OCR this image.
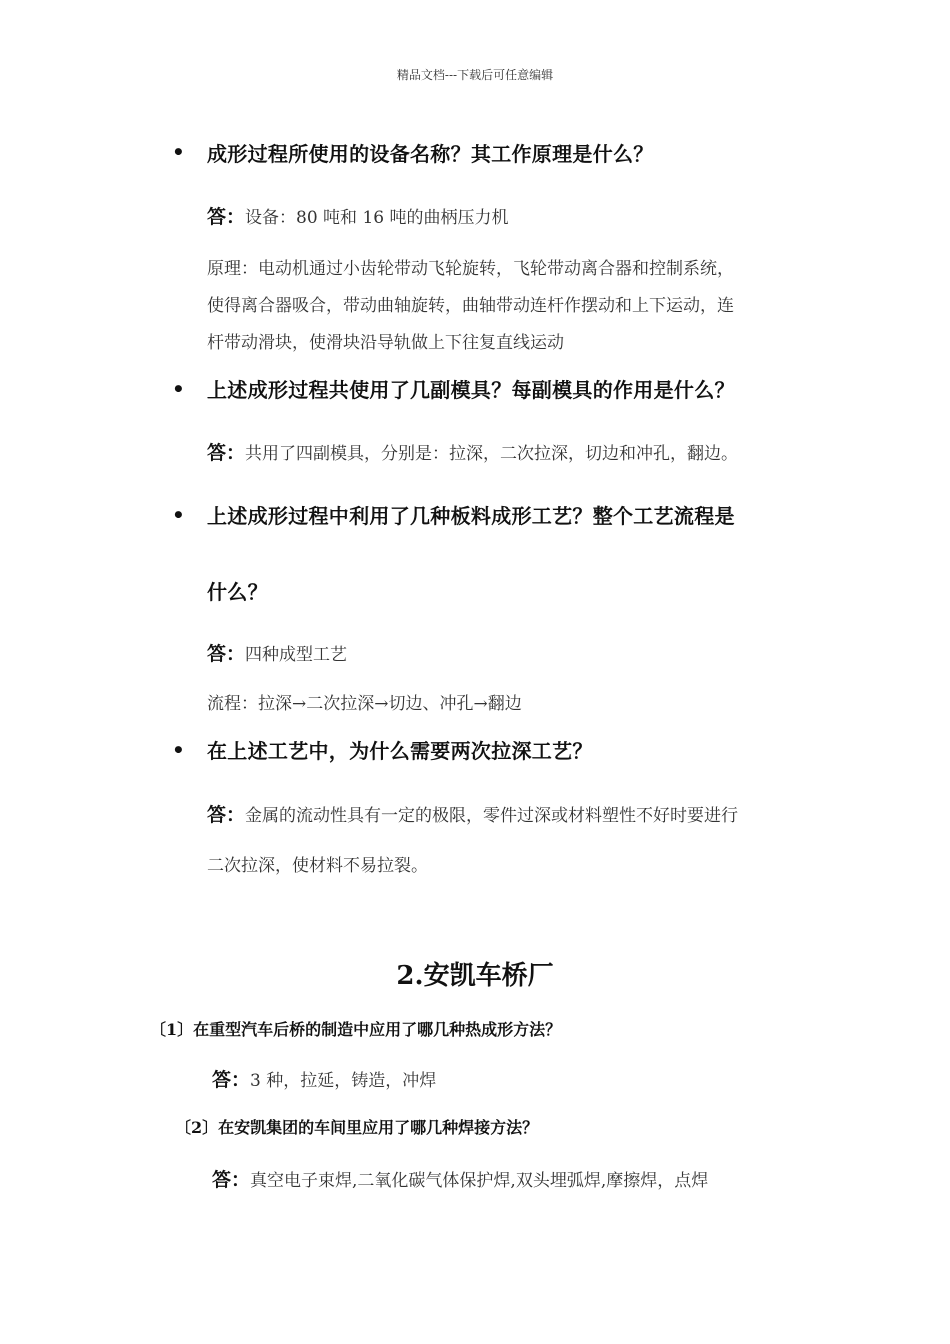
精品文档---下载后可任意编辑
• 成形过程所使用的设备名称？其工作原理是什么？
答：设备：80 吨和 16 吨的曲柄压力机
原理：电动机通过小齿轮带动飞轮旋转，飞轮带动离合器和控制系统，
使得离合器吸合，带动曲轴旋转，曲轴带动连杆作摆动和上下运动，连
杆带动滑块，使滑块沿导轨做上下往复直线运动
• 上述成形过程共使用了几副模具？每副模具的作用是什么？
答：共用了四副模具，分别是：拉深，二次拉深，切边和冲孔，翻边。
• 上述成形过程中利用了几种板料成形工艺？整个工艺流程是
什么？
答：四种成型工艺
流程：拉深→二次拉深→切边、冲孔→翻边
• 在上述工艺中，为什么需要两次拉深工艺？
答：金属的流动性具有一定的极限，零件过深或材料塑性不好时要进行
二次拉深，使材料不易拉裂。
2.安凯车桥厂
〔1〕在重型汽车后桥的制造中应用了哪几种热成形方法？
答：3 种，拉延，铸造，冲焊
〔2〕在安凯集团的车间里应用了哪几种焊接方法？
答：真空电子束焊,二氧化碳气体保护焊,双头埋弧焊,摩擦焊，点焊
